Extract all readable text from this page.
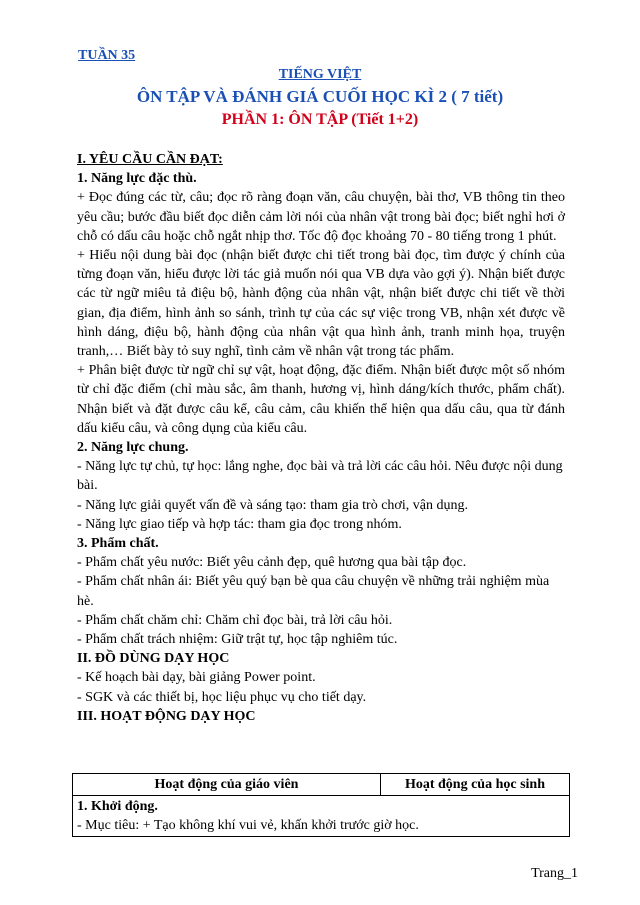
TUẦN 35
TIẾNG VIỆT
ÔN TẬP VÀ ĐÁNH GIÁ CUỐI HỌC KÌ 2 ( 7 tiết)
PHẦN 1: ÔN TẬP (Tiết 1+2)

I. YÊU CẦU CẦN ĐẠT:

1. Năng lực đặc thù.

+ Đọc đúng các từ, câu; đọc rõ ràng đoạn văn, câu chuyện, bài thơ, VB thông tin theo yêu cầu; bước đầu biết đọc diễn cảm lời nói của nhân vật trong bài đọc; biết nghỉ hơi ở chỗ có dấu câu hoặc chỗ ngắt nhịp thơ. Tốc độ đọc khoảng 70 - 80 tiếng trong 1 phút.

+ Hiểu nội dung bài đọc (nhận biết được chi tiết trong bài đọc, tìm được ý chính của từng đoạn văn, hiểu được lời tác giả muốn nói qua VB dựa vào gợi ý). Nhận biết được các từ ngữ miêu tả điệu bộ, hành động của nhân vật, nhận biết được chi tiết về thời gian, địa điểm, hình ảnh so sánh, trình tự của các sự việc trong VB, nhận xét được về hình dáng, điệu bộ, hành động của nhân vật qua hình ảnh, tranh minh họa, truyện tranh,… Biết bày tỏ suy nghĩ, tình cảm về nhân vật trong tác phẩm.

+ Phân biệt được từ ngữ chỉ sự vật, hoạt động, đặc điểm. Nhận biết được một số nhóm từ chỉ đặc điểm (chỉ màu sắc, âm thanh, hương vị, hình dáng/kích thước, phẩm chất). Nhận biết và đặt được câu kể, câu cảm, câu khiến thể hiện qua dấu câu, qua từ đánh dấu kiểu câu, và công dụng của kiểu câu.

2. Năng lực chung.

- Năng lực tự chủ, tự học: lắng nghe, đọc bài và trả lời các câu hỏi. Nêu được nội dung bài.

- Năng lực giải quyết vấn đề và sáng tạo: tham gia trò chơi, vận dụng.

- Năng lực giao tiếp và hợp tác: tham gia đọc trong nhóm.

3. Phẩm chất.

- Phẩm chất yêu nước: Biết yêu cảnh đẹp, quê hương qua bài tập đọc.

- Phẩm chất nhân ái: Biết yêu quý bạn bè qua câu chuyện về những trải nghiệm mùa hè.

- Phẩm chất chăm chỉ: Chăm chỉ đọc bài, trả lời câu hỏi.

- Phẩm chất trách nhiệm: Giữ trật tự, học tập nghiêm túc.

II. ĐỒ DÙNG DẠY HỌC

- Kế hoạch bài dạy, bài giảng Power point.

- SGK và các thiết bị, học liệu phục vụ cho tiết dạy.

III. HOẠT ĐỘNG DẠY HỌC

Hoạt động của giáo viên	Hoạt động của học sinh

1. Khởi động.
- Mục tiêu: + Tạo không khí vui vẻ, khấn khởi trước giờ học.
Trang_1
